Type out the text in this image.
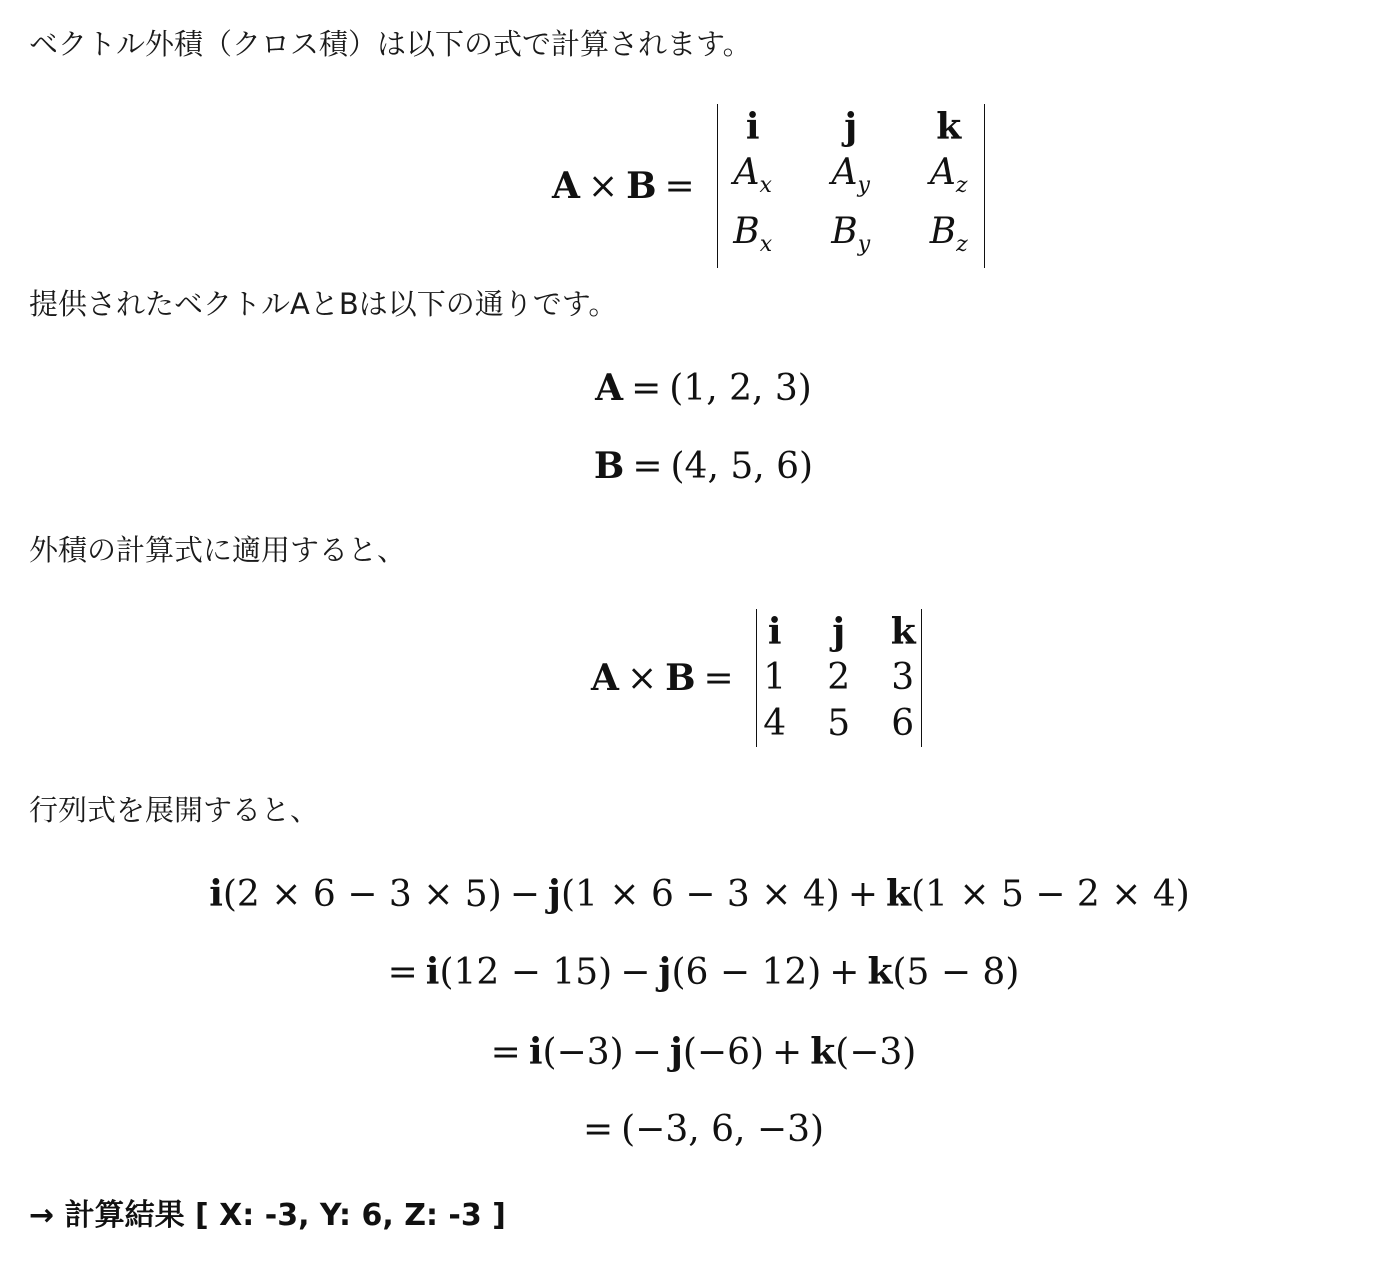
ベクトル外積（クロス積）は以下の式で計算されます。
A × B =
i	j	k
$A_x$	$A_y$	$A_z$
$B_x$	$B_y$	$B_z$
提供されたベクトルAとBは以下の通りです。
A = (1, 2, 3)
B = (4, 5, 6)
外積の計算式に適用すると、
A × B =
i	j	k
1	2	3
4	5	6
行列式を展開すると、
i(2 × 6 − 3 × 5) − j(1 × 6 − 3 × 4) + k(1 × 5 − 2 × 4)
= i(12 − 15) − j(6 − 12) + k(5 − 8)
= i(−3) − j(−6) + k(−3)
= (−3, 6, −3)
→ 計算結果 [ X: -3, Y: 6, Z: -3 ]
